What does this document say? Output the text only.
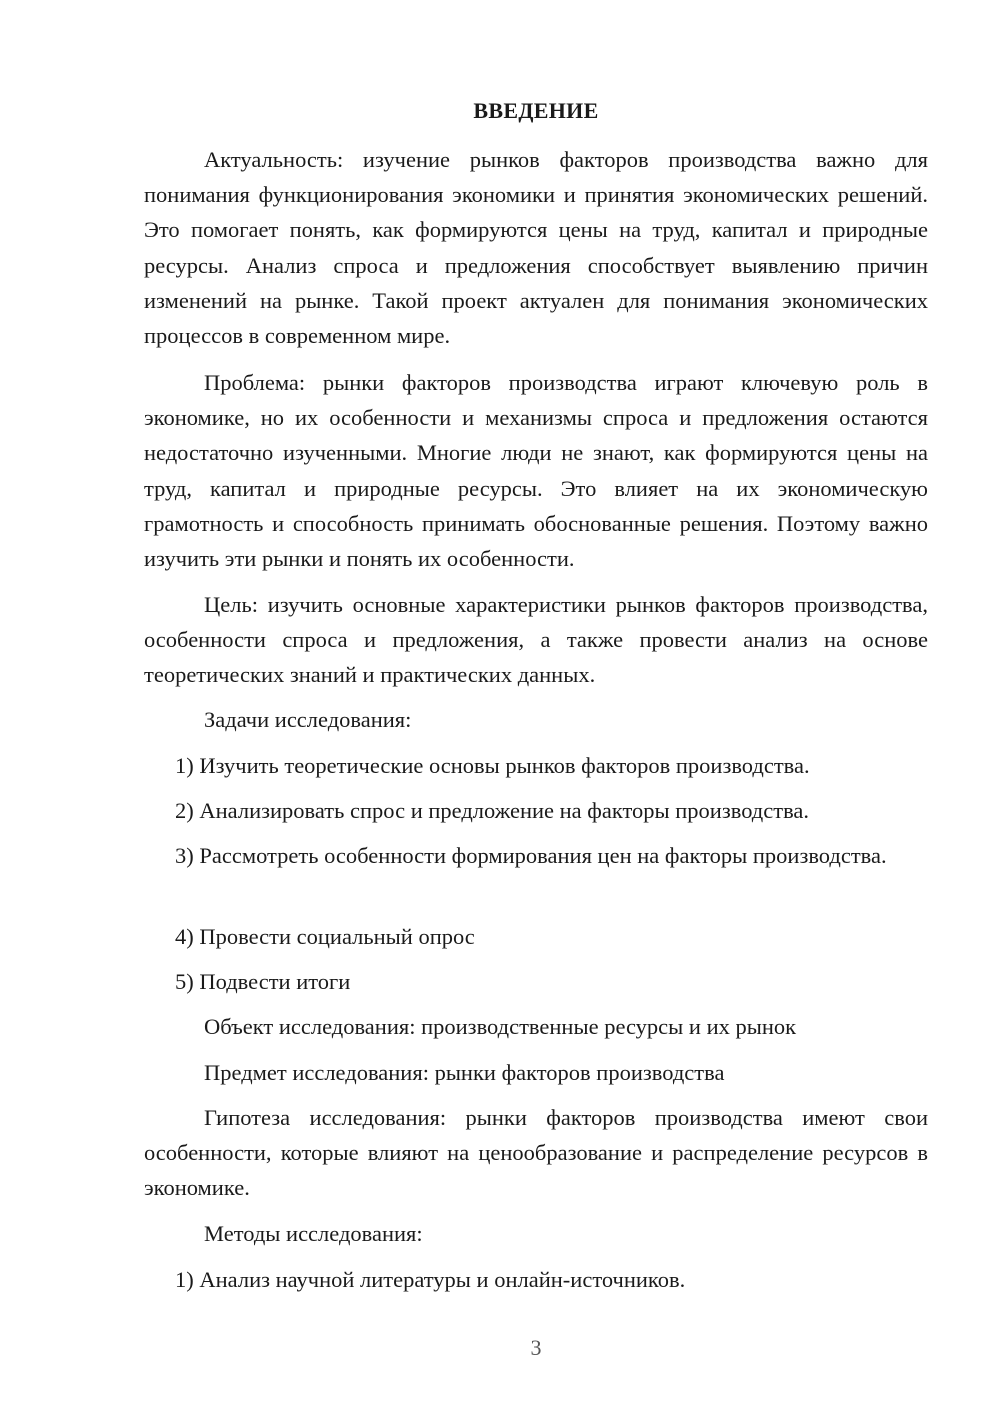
ВВЕДЕНИЕ

Актуальность: изучение рынков факторов производства важно для понимания функционирования экономики и принятия экономических решений. Это помогает понять, как формируются цены на труд, капитал и природные ресурсы. Анализ спроса и предложения способствует выявлению причин изменений на рынке. Такой проект актуален для понимания экономических процессов в современном мире.

Проблема: рынки факторов производства играют ключевую роль в экономике, но их особенности и механизмы спроса и предложения остаются недостаточно изученными. Многие люди не знают, как формируются цены на труд, капитал и природные ресурсы. Это влияет на их экономическую грамотность и способность принимать обоснованные решения. Поэтому важно изучить эти рынки и понять их особенности.

Цель: изучить основные характеристики рынков факторов производства, особенности спроса и предложения, а также провести анализ на основе теоретических знаний и практических данных.

Задачи исследования:

1) Изучить теоретические основы рынков факторов производства.

2) Анализировать спрос и предложение на факторы производства.

3) Рассмотреть особенности формирования цен на факторы производства.

4) Провести социальный опрос

5) Подвести итоги

Объект исследования: производственные ресурсы и их рынок

Предмет исследования: рынки факторов производства

Гипотеза исследования: рынки факторов производства имеют свои особенности, которые влияют на ценообразование и распределение ресурсов в экономике.

Методы исследования:

1) Анализ научной литературы и онлайн-источников.

3
